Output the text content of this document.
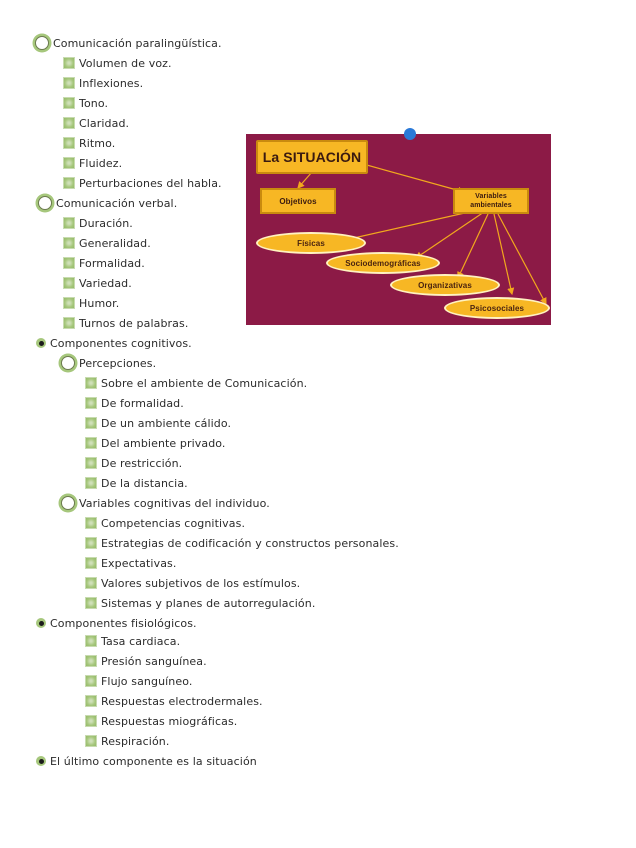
Comunicación paralingüística.
Volumen de voz.
Inflexiones.
Tono.
Claridad.
Ritmo.
Fluidez.
Perturbaciones del habla.
Comunicación verbal.
Duración.
Generalidad.
Formalidad.
Variedad.
Humor.
Turnos de palabras.
Componentes cognitivos.
Percepciones.
Sobre el ambiente de Comunicación.
De formalidad.
De un ambiente cálido.
Del ambiente privado.
De restricción.
De la distancia.
Variables cognitivas del individuo.
Competencias cognitivas.
Estrategias de codificación y constructos personales.
Expectativas.
Valores subjetivos de los estímulos.
Sistemas y planes de autorregulación.
Componentes fisiológicos.
Tasa cardiaca.
Presión sanguínea.
Flujo sanguíneo.
Respuestas electrodermales.
Respuestas miográficas.
Respiración.
El último componente es la situación
La SITUACIÓN
Objetivos	Variables ambientales
Físicas
Sociodemográficas
Organizativas
Psicosociales
